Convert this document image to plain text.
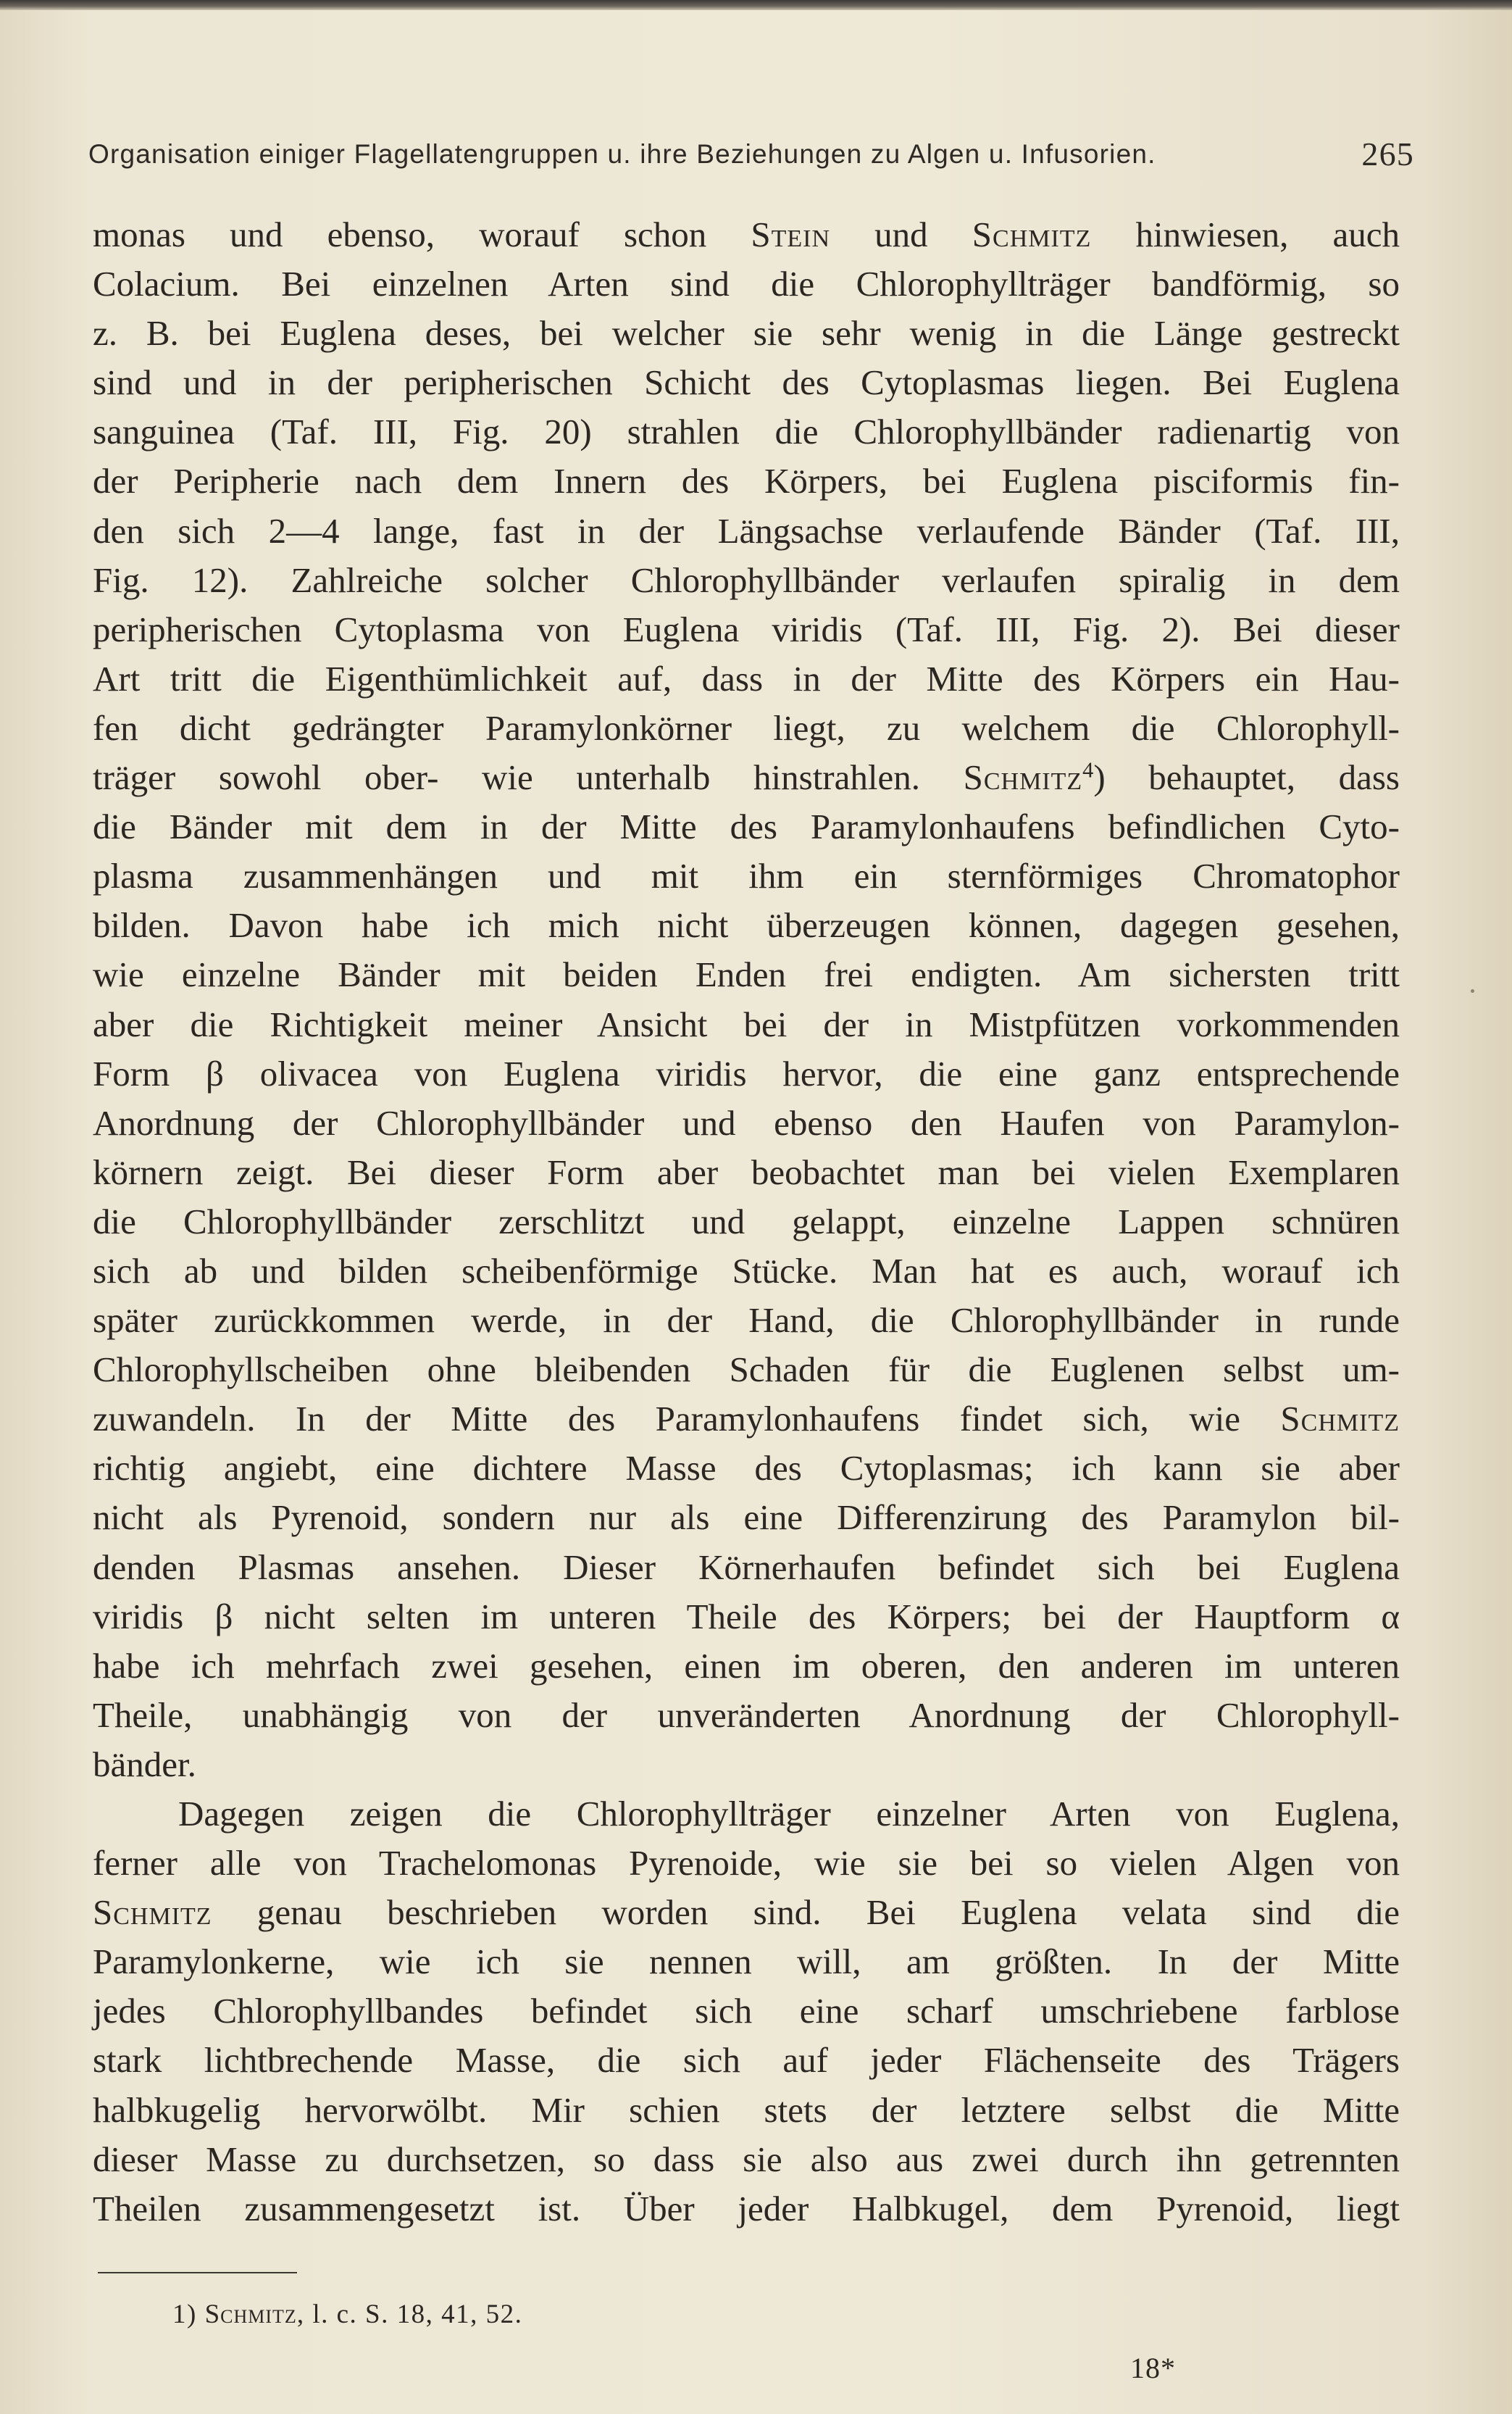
Organisation einiger Flagellatengruppen u. ihre Beziehungen zu Algen u. Infusorien.	265
monas und ebenso, worauf schon Stein und Schmitz hinwiesen, auch
Colacium. Bei einzelnen Arten sind die Chlorophyllträger bandförmig, so
z. B. bei Euglena deses, bei welcher sie sehr wenig in die Länge gestreckt
sind und in der peripherischen Schicht des Cytoplasmas liegen. Bei Euglena
sanguinea (Taf. III, Fig. 20) strahlen die Chlorophyllbänder radienartig von
der Peripherie nach dem Innern des Körpers, bei Euglena pisciformis fin-
den sich 2—4 lange, fast in der Längsachse verlaufende Bänder (Taf. III,
Fig. 12). Zahlreiche solcher Chlorophyllbänder verlaufen spiralig in dem
peripherischen Cytoplasma von Euglena viridis (Taf. III, Fig. 2). Bei dieser
Art tritt die Eigenthümlichkeit auf, dass in der Mitte des Körpers ein Hau-
fen dicht gedrängter Paramylonkörner liegt, zu welchem die Chlorophyll-
träger sowohl ober- wie unterhalb hinstrahlen. Schmitz$^4$) behauptet, dass
die Bänder mit dem in der Mitte des Paramylonhaufens befindlichen Cyto-
plasma zusammenhängen und mit ihm ein sternförmiges Chromatophor
bilden. Davon habe ich mich nicht überzeugen können, dagegen gesehen,
wie einzelne Bänder mit beiden Enden frei endigten. Am sichersten tritt
aber die Richtigkeit meiner Ansicht bei der in Mistpfützen vorkommenden
Form β olivacea von Euglena viridis hervor, die eine ganz entsprechende
Anordnung der Chlorophyllbänder und ebenso den Haufen von Paramylon-
körnern zeigt. Bei dieser Form aber beobachtet man bei vielen Exemplaren
die Chlorophyllbänder zerschlitzt und gelappt, einzelne Lappen schnüren
sich ab und bilden scheibenförmige Stücke. Man hat es auch, worauf ich
später zurückkommen werde, in der Hand, die Chlorophyllbänder in runde
Chlorophyllscheiben ohne bleibenden Schaden für die Euglenen selbst um-
zuwandeln. In der Mitte des Paramylonhaufens findet sich, wie Schmitz
richtig angiebt, eine dichtere Masse des Cytoplasmas; ich kann sie aber
nicht als Pyrenoid, sondern nur als eine Differenzirung des Paramylon bil-
denden Plasmas ansehen. Dieser Körnerhaufen befindet sich bei Euglena
viridis β nicht selten im unteren Theile des Körpers; bei der Hauptform α
habe ich mehrfach zwei gesehen, einen im oberen, den anderen im unteren
Theile, unabhängig von der unveränderten Anordnung der Chlorophyll-
bänder.
Dagegen zeigen die Chlorophyllträger einzelner Arten von Euglena,
ferner alle von Trachelomonas Pyrenoide, wie sie bei so vielen Algen von
Schmitz genau beschrieben worden sind. Bei Euglena velata sind die
Paramylonkerne, wie ich sie nennen will, am größten. In der Mitte
jedes Chlorophyllbandes befindet sich eine scharf umschriebene farblose
stark lichtbrechende Masse, die sich auf jeder Flächenseite des Trägers
halbkugelig hervorwölbt. Mir schien stets der letztere selbst die Mitte
dieser Masse zu durchsetzen, so dass sie also aus zwei durch ihn getrennten
Theilen zusammengesetzt ist. Über jeder Halbkugel, dem Pyrenoid, liegt
1) Schmitz, l. c. S. 18, 41, 52.
18*
